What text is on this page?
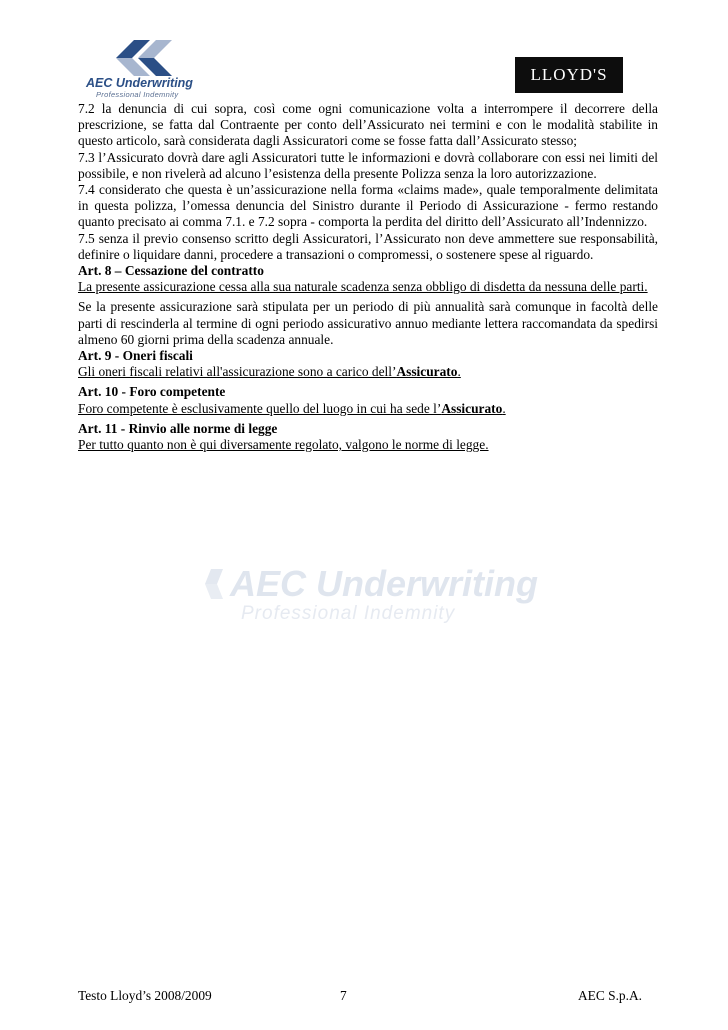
AEC Underwriting
Professional Indemnity
LLOYD'S
AEC Underwriting
Professional Indemnity

7.2 la denuncia di cui sopra, così come ogni comunicazione volta a interrompere il decorrere della prescrizione, se fatta dal Contraente per conto dell’Assicurato nei termini e con le modalità stabilite in questo articolo, sarà considerata dagli Assicuratori come se fosse fatta dall’Assicurato stesso;

7.3 l’Assicurato dovrà dare agli Assicuratori tutte le informazioni e dovrà collaborare con essi nei limiti del possibile, e non rivelerà ad alcuno l’esistenza della presente Polizza senza la loro autorizzazione.

7.4 considerato che questa è un’assicurazione nella forma «claims made», quale temporalmente delimitata in questa polizza, l’omessa denuncia del Sinistro durante il Periodo di Assicurazione - fermo restando quanto precisato ai comma 7.1. e 7.2 sopra - comporta la perdita del diritto dell’Assicurato all’Indennizzo.

7.5 senza il previo consenso scritto degli Assicuratori, l’Assicurato non deve ammettere sue responsabilità, definire o liquidare danni, procedere a transazioni o compromessi, o sostenere spese al riguardo.

Art. 8 – Cessazione del contratto

La presente assicurazione cessa alla sua naturale scadenza senza obbligo di disdetta da nessuna delle parti.

Se la presente assicurazione sarà stipulata per un periodo di più annualità sarà comunque in facoltà delle parti di rescinderla al termine di ogni periodo assicurativo annuo mediante lettera raccomandata da spedirsi almeno 60 giorni prima della scadenza annuale.

Art. 9 - Oneri fiscali

Gli oneri fiscali relativi all'assicurazione sono a carico dell’Assicurato.

Art. 10 - Foro competente

Foro competente è esclusivamente quello del luogo in cui ha sede l’Assicurato.

Art. 11 - Rinvio alle norme di legge

Per tutto quanto non è qui diversamente regolato, valgono le norme di legge.

Testo Lloyd’s 2008/2009	7	AEC S.p.A.
